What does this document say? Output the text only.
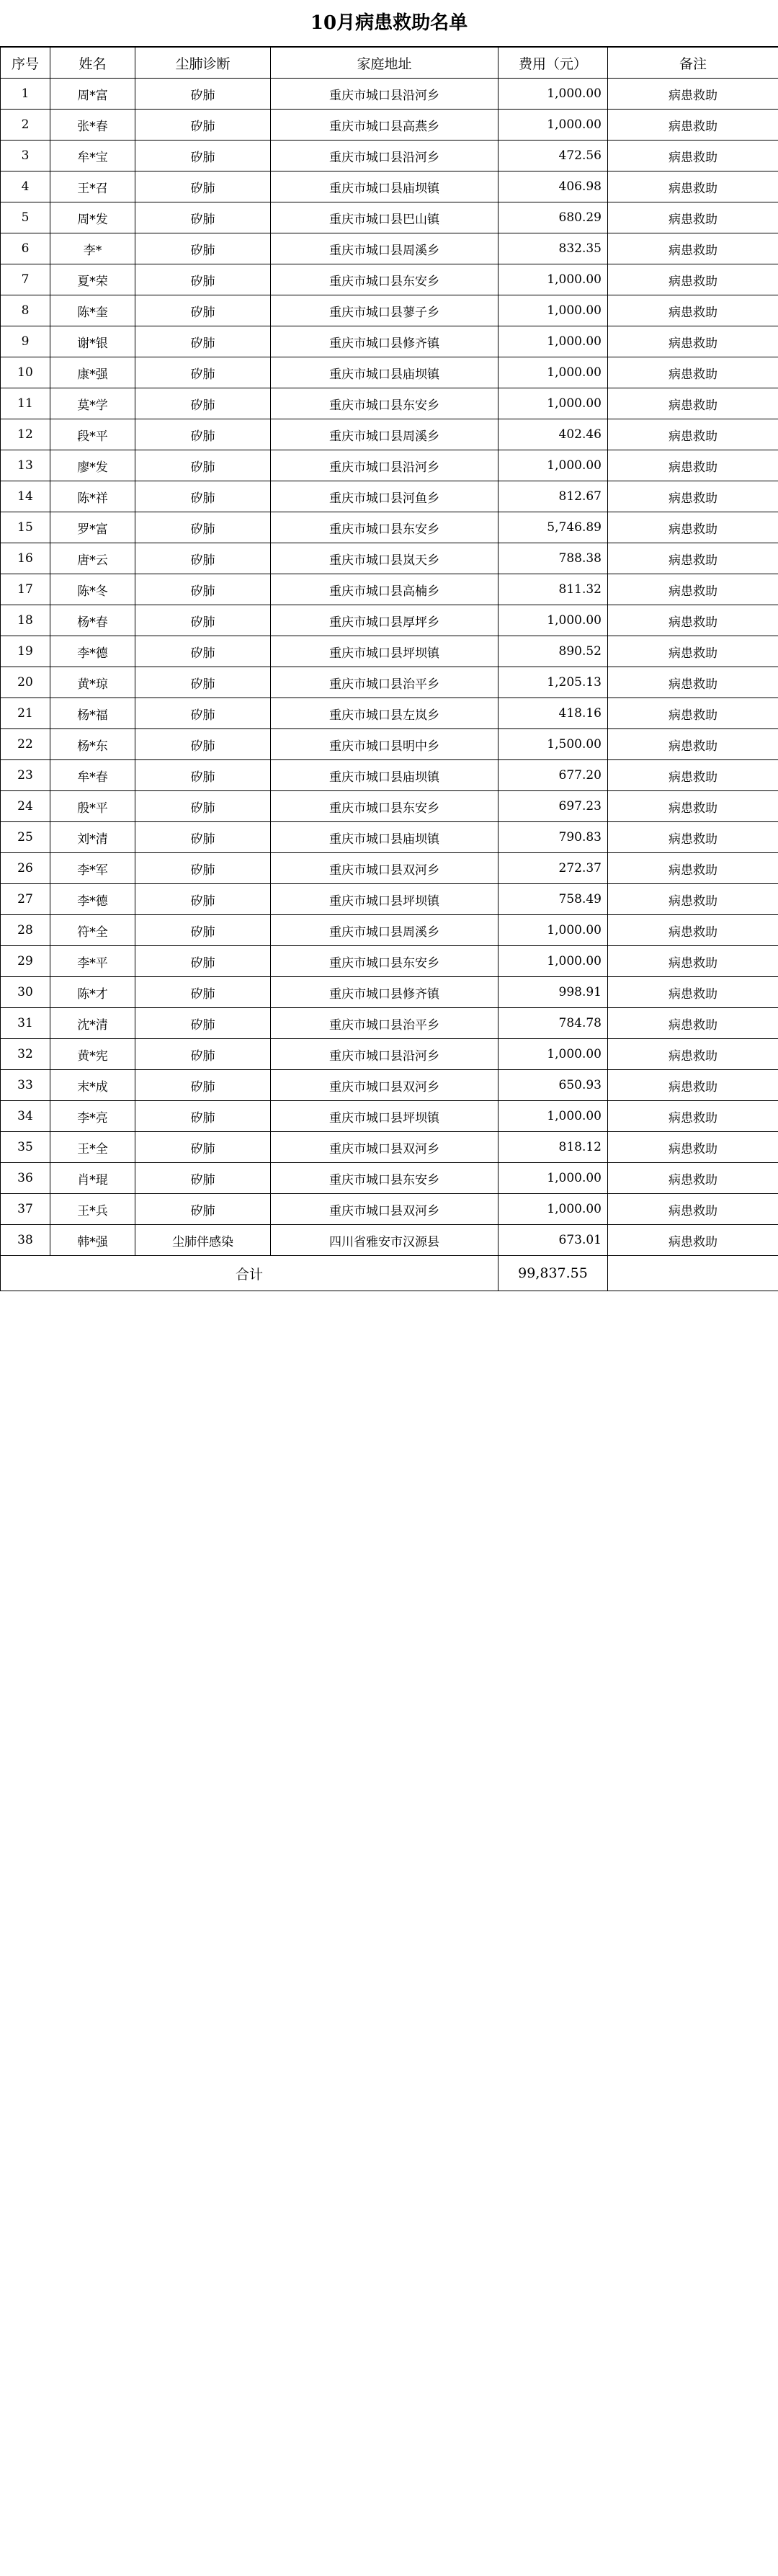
10月病患救助名单
序号	姓名	尘肺诊断	家庭地址	费用（元）	备注
1	周*富	矽肺	重庆市城口县沿河乡	1,000.00	病患救助
2	张*春	矽肺	重庆市城口县高燕乡	1,000.00	病患救助
3	牟*宝	矽肺	重庆市城口县沿河乡	472.56	病患救助
4	王*召	矽肺	重庆市城口县庙坝镇	406.98	病患救助
5	周*发	矽肺	重庆市城口县巴山镇	680.29	病患救助
6	李*	矽肺	重庆市城口县周溪乡	832.35	病患救助
7	夏*荣	矽肺	重庆市城口县东安乡	1,000.00	病患救助
8	陈*奎	矽肺	重庆市城口县蓼子乡	1,000.00	病患救助
9	谢*银	矽肺	重庆市城口县修齐镇	1,000.00	病患救助
10	康*强	矽肺	重庆市城口县庙坝镇	1,000.00	病患救助
11	莫*学	矽肺	重庆市城口县东安乡	1,000.00	病患救助
12	段*平	矽肺	重庆市城口县周溪乡	402.46	病患救助
13	廖*发	矽肺	重庆市城口县沿河乡	1,000.00	病患救助
14	陈*祥	矽肺	重庆市城口县河鱼乡	812.67	病患救助
15	罗*富	矽肺	重庆市城口县东安乡	5,746.89	病患救助
16	唐*云	矽肺	重庆市城口县岚天乡	788.38	病患救助
17	陈*冬	矽肺	重庆市城口县高楠乡	811.32	病患救助
18	杨*春	矽肺	重庆市城口县厚坪乡	1,000.00	病患救助
19	李*德	矽肺	重庆市城口县坪坝镇	890.52	病患救助
20	黄*琼	矽肺	重庆市城口县治平乡	1,205.13	病患救助
21	杨*福	矽肺	重庆市城口县左岚乡	418.16	病患救助
22	杨*东	矽肺	重庆市城口县明中乡	1,500.00	病患救助
23	牟*春	矽肺	重庆市城口县庙坝镇	677.20	病患救助
24	殷*平	矽肺	重庆市城口县东安乡	697.23	病患救助
25	刘*清	矽肺	重庆市城口县庙坝镇	790.83	病患救助
26	李*军	矽肺	重庆市城口县双河乡	272.37	病患救助
27	李*德	矽肺	重庆市城口县坪坝镇	758.49	病患救助
28	符*全	矽肺	重庆市城口县周溪乡	1,000.00	病患救助
29	李*平	矽肺	重庆市城口县东安乡	1,000.00	病患救助
30	陈*才	矽肺	重庆市城口县修齐镇	998.91	病患救助
31	沈*清	矽肺	重庆市城口县治平乡	784.78	病患救助
32	黄*宪	矽肺	重庆市城口县沿河乡	1,000.00	病患救助
33	末*成	矽肺	重庆市城口县双河乡	650.93	病患救助
34	李*亮	矽肺	重庆市城口县坪坝镇	1,000.00	病患救助
35	王*全	矽肺	重庆市城口县双河乡	818.12	病患救助
36	肖*琨	矽肺	重庆市城口县东安乡	1,000.00	病患救助
37	王*兵	矽肺	重庆市城口县双河乡	1,000.00	病患救助
38	韩*强	尘肺伴感染	四川省雅安市汉源县	673.01	病患救助
合计				99,837.55	
